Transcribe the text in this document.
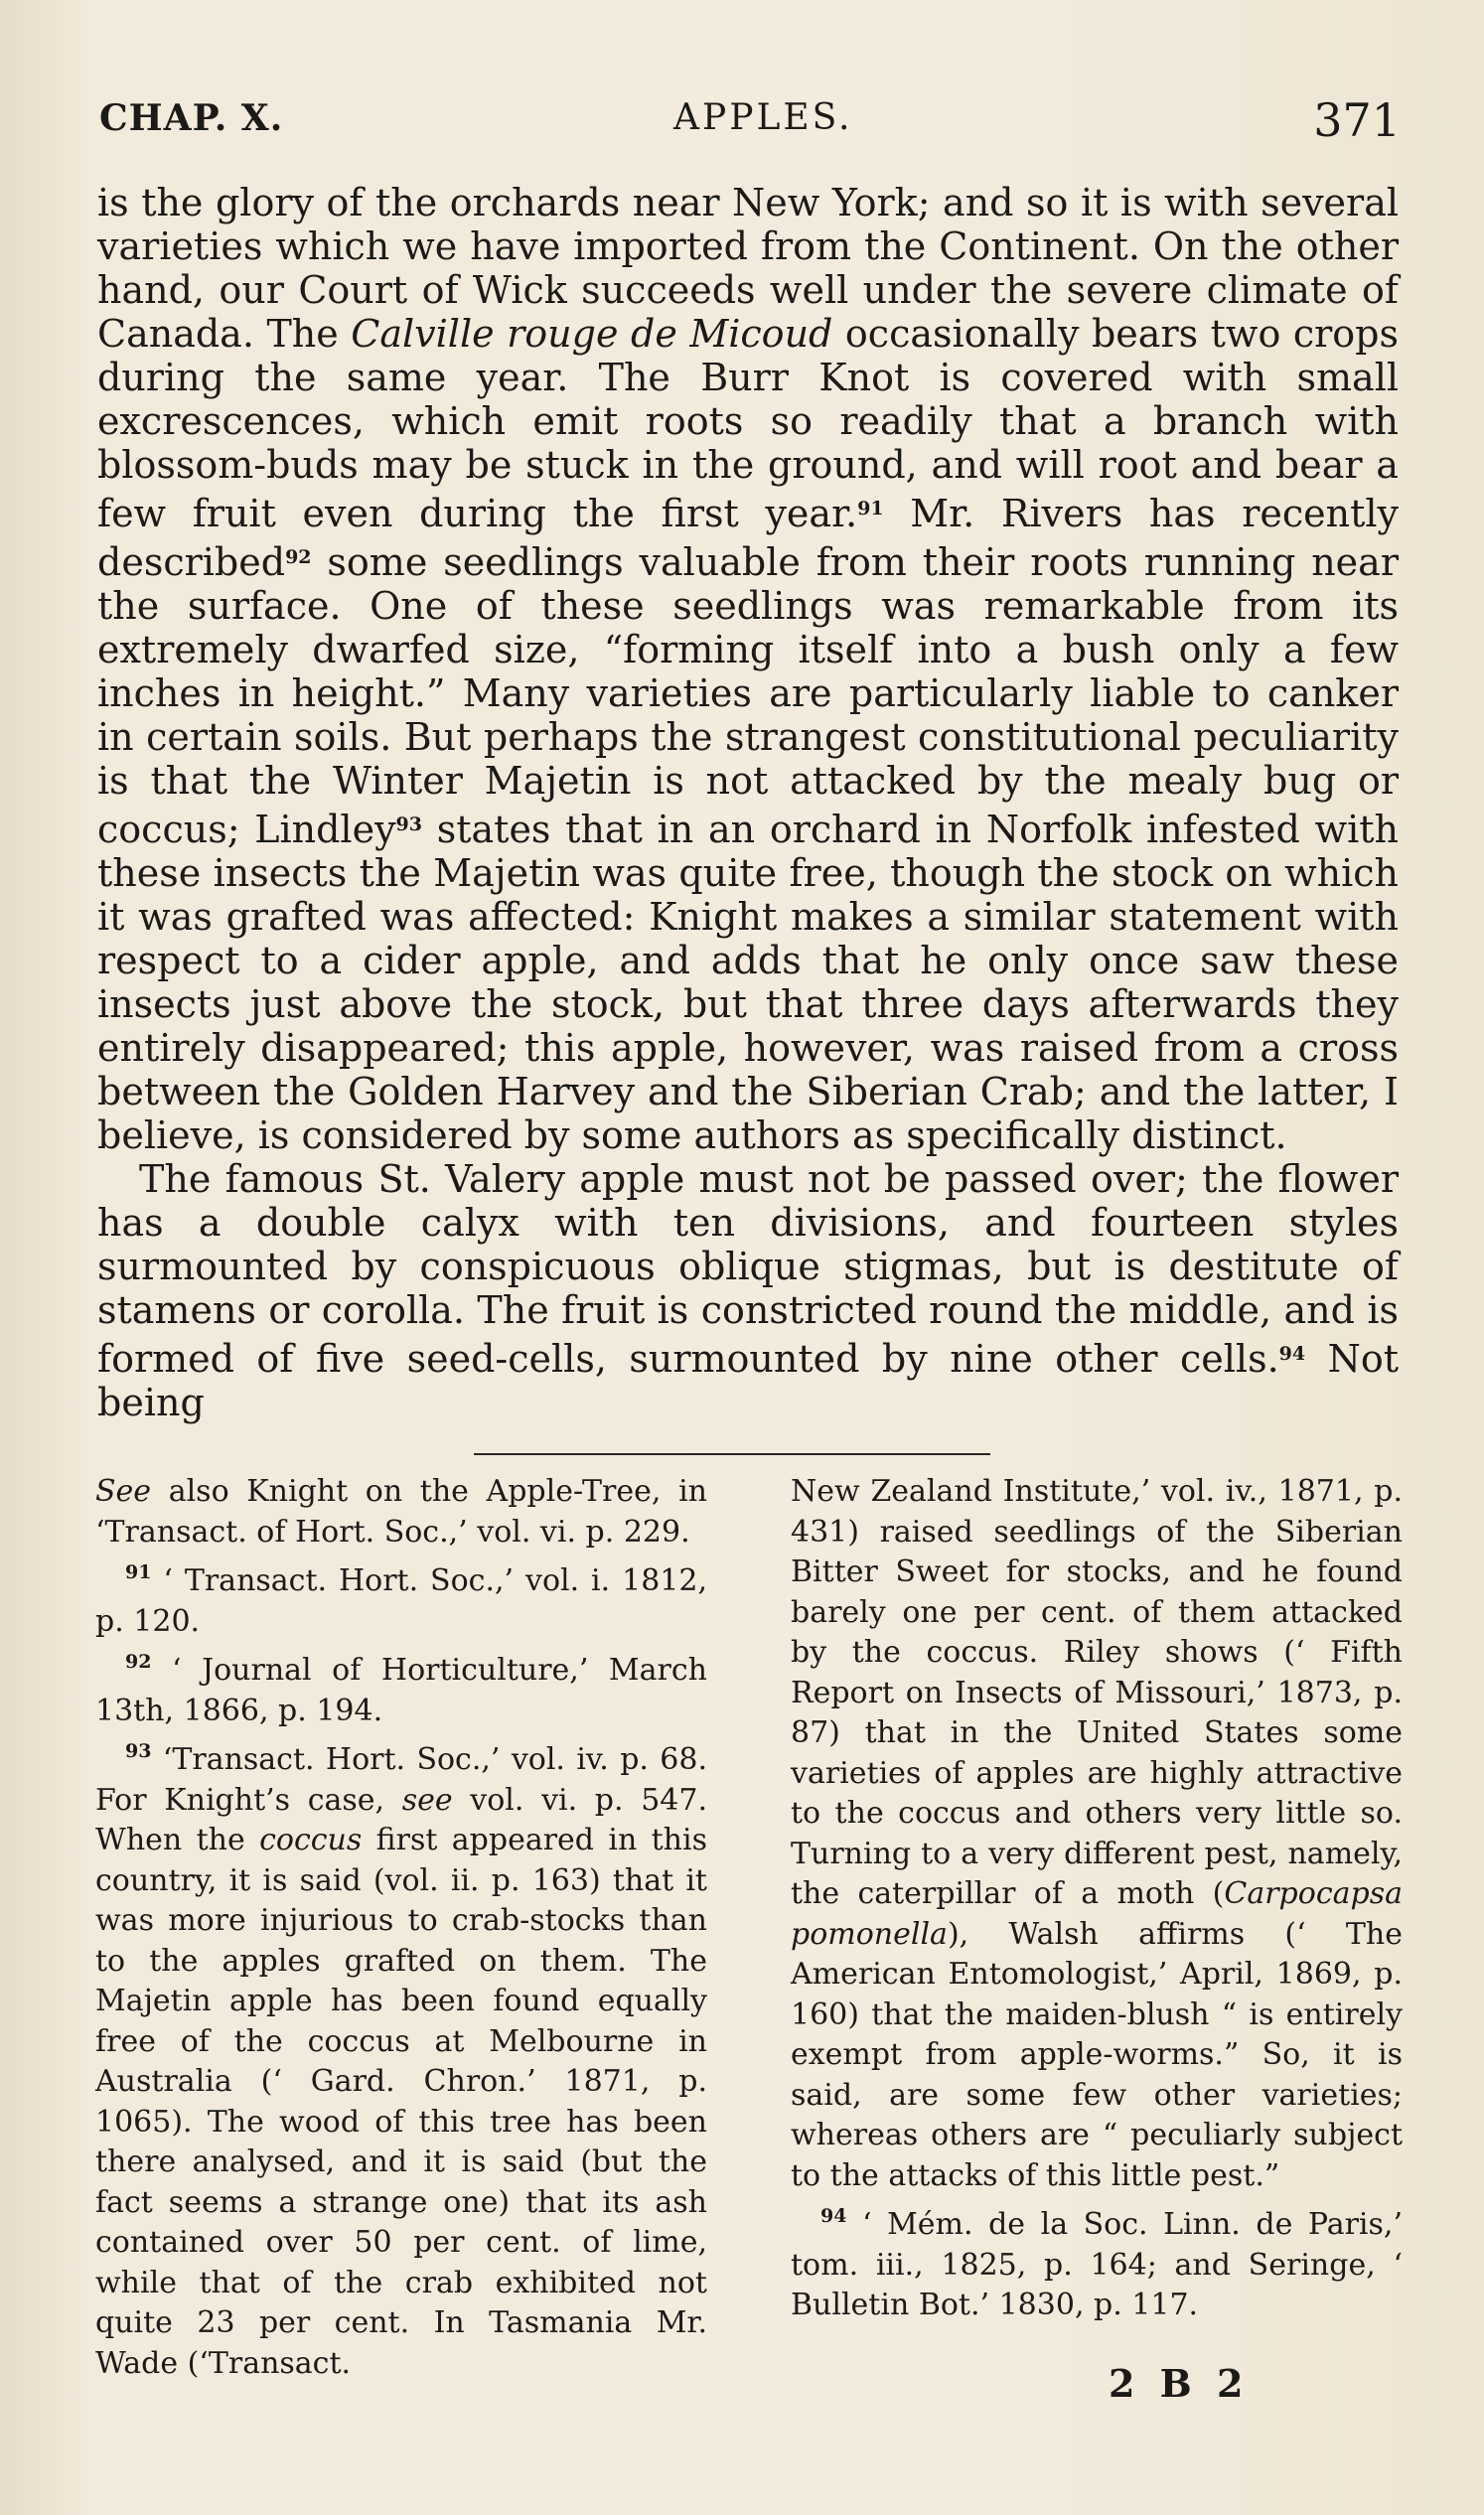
CHAP. X.	APPLES.	371

is the glory of the orchards near New York; and so it is with several varieties which we have imported from the Continent. On the other hand, our Court of Wick succeeds well under the severe climate of Canada. The Calville rouge de Micoud occasionally bears two crops during the same year. The Burr Knot is covered with small excrescences, which emit roots so readily that a branch with blossom-buds may be stuck in the ground, and will root and bear a few fruit even during the first year.$^{91}$ Mr. Rivers has recently described$^{92}$ some seedlings valuable from their roots running near the surface. One of these seedlings was remarkable from its extremely dwarfed size, “forming itself into a bush only a few inches in height.” Many varieties are particularly liable to canker in certain soils. But perhaps the strangest constitutional peculiarity is that the Winter Majetin is not attacked by the mealy bug or coccus; Lindley$^{93}$ states that in an orchard in Norfolk infested with these insects the Majetin was quite free, though the stock on which it was grafted was affected: Knight makes a similar statement with respect to a cider apple, and adds that he only once saw these insects just above the stock, but that three days afterwards they entirely disappeared; this apple, however, was raised from a cross between the Golden Harvey and the Siberian Crab; and the latter, I believe, is considered by some authors as specifically distinct.

The famous St. Valery apple must not be passed over; the flower has a double calyx with ten divisions, and fourteen styles surmounted by conspicuous oblique stigmas, but is destitute of stamens or corolla. The fruit is constricted round the middle, and is formed of five seed-cells, surmounted by nine other cells.$^{94}$ Not being

See also Knight on the Apple-Tree, in ‘Transact. of Hort. Soc.,’ vol. vi. p. 229.

$^{91}$ ‘ Transact. Hort. Soc.,’ vol. i. 1812, p. 120.

$^{92}$ ‘ Journal of Horticulture,’ March 13th, 1866, p. 194.

$^{93}$ ‘Transact. Hort. Soc.,’ vol. iv. p. 68. For Knight’s case, see vol. vi. p. 547. When the coccus first appeared in this country, it is said (vol. ii. p. 163) that it was more injurious to crab-stocks than to the apples grafted on them. The Majetin apple has been found equally free of the coccus at Melbourne in Australia (‘ Gard. Chron.’ 1871, p. 1065). The wood of this tree has been there analysed, and it is said (but the fact seems a strange one) that its ash contained over 50 per cent. of lime, while that of the crab exhibited not quite 23 per cent. In Tasmania Mr. Wade (‘Transact.

New Zealand Institute,’ vol. iv., 1871, p. 431) raised seedlings of the Siberian Bitter Sweet for stocks, and he found barely one per cent. of them attacked by the coccus. Riley shows (‘ Fifth Report on Insects of Missouri,’ 1873, p. 87) that in the United States some varieties of apples are highly attractive to the coccus and others very little so. Turning to a very different pest, namely, the caterpillar of a moth (Carpocapsa pomonella), Walsh affirms (‘ The American Entomologist,’ April, 1869, p. 160) that the maiden-blush “ is entirely exempt from apple-worms.” So, it is said, are some few other varieties; whereas others are “ peculiarly subject to the attacks of this little pest.”

$^{94}$ ‘ Mém. de la Soc. Linn. de Paris,’ tom. iii., 1825, p. 164; and Seringe, ‘ Bulletin Bot.’ 1830, p. 117.

2 B 2
